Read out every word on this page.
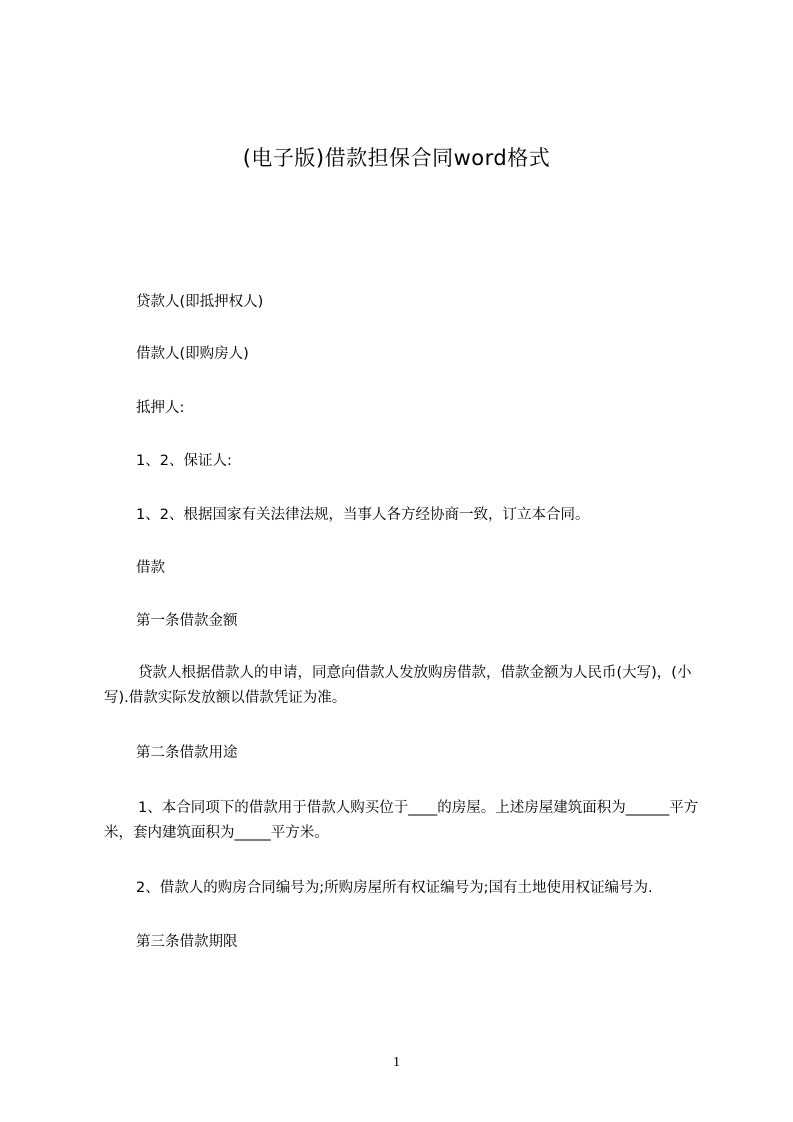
(电子版)借款担保合同word格式
贷款人(即抵押权人)
借款人(即购房人)
抵押人:
1、2、保证人:
1、2、根据国家有关法律法规，当事人各方经协商一致，订立本合同。
借款
第一条借款金额
贷款人根据借款人的申请，同意向借款人发放购房借款，借款金额为人民币(大写)，(小写).借款实际发放额以借款凭证为准。
第二条借款用途
1、本合同项下的借款用于借款人购买位于____的房屋。上述房屋建筑面积为______平方米，套内建筑面积为_____平方米。
2、借款人的购房合同编号为;所购房屋所有权证编号为;国有土地使用权证编号为.
第三条借款期限
1
